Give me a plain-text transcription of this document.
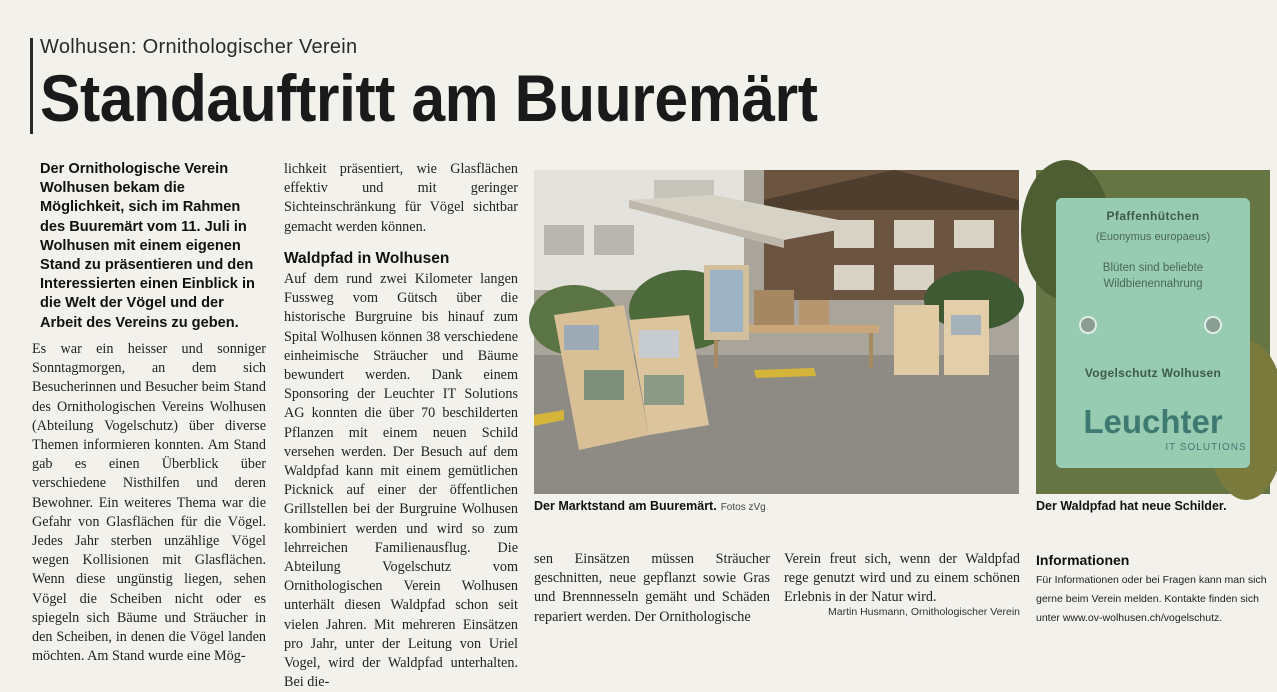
Wolhusen: Ornithologischer Verein
Standauftritt am Buuremärt
Der Ornithologische Verein Wolhusen bekam die Möglichkeit, sich im Rahmen des Buuremärt vom 11. Juli in Wolhusen mit einem eigenen Stand zu präsentieren und den Interessierten einen Einblick in die Welt der Vögel und der Arbeit des Vereins zu geben.
Es war ein heisser und sonniger Sonntagmorgen, an dem sich Besucherinnen und Besucher beim Stand des Ornithologischen Vereins Wolhusen (Abteilung Vogelschutz) über diverse Themen informieren konnten. Am Stand gab es einen Überblick über verschiedene Nisthilfen und deren Bewohner. Ein weiteres Thema war die Gefahr von Glasflächen für die Vögel. Jedes Jahr sterben unzählige Vögel wegen Kollisionen mit Glasflächen. Wenn diese ungünstig liegen, sehen Vögel die Scheiben nicht oder es spiegeln sich Bäume und Sträucher in den Scheiben, in denen die Vögel landen möchten. Am Stand wurde eine Mög-
lichkeit präsentiert, wie Glasflächen effektiv und mit geringer Sichteinschränkung für Vögel sichtbar gemacht werden können.
Waldpfad in Wolhusen
Auf dem rund zwei Kilometer langen Fussweg vom Gütsch über die historische Burgruine bis hinauf zum Spital Wolhusen können 38 verschiedene einheimische Sträucher und Bäume bewundert werden. Dank einem Sponsoring der Leuchter IT Solutions AG konnten die über 70 beschilderten Pflanzen mit einem neuen Schild versehen werden. Der Besuch auf dem Waldpfad kann mit einem gemütlichen Picknick auf einer der öffentlichen Grillstellen bei der Burgruine Wolhusen kombiniert werden und wird so zum lehrreichen Familienausflug. Die Abteilung Vogelschutz vom Ornithologischen Verein Wolhusen unterhält diesen Waldpfad schon seit vielen Jahren. Mit mehreren Einsätzen pro Jahr, unter der Leitung von Uriel Vogel, wird der Waldpfad unterhalten. Bei die-
sen Einsätzen müssen Sträucher geschnitten, neue gepflanzt sowie Gras und Brennnesseln gemäht und Schäden repariert werden. Der Ornithologische
Verein freut sich, wenn der Waldpfad rege genutzt wird und zu einem schönen Erlebnis in der Natur wird.
Martin Husmann, Ornithologischer Verein
Pfaffenhütchen
(Euonymus europaeus)
Blüten sind beliebte
Wildbienennahrung
Vogelschutz Wolhusen
Leuchter
IT SOLUTIONS
Der Marktstand am Buuremärt. Fotos zVg	Der Waldpfad hat neue Schilder.
Informationen
Für Informationen oder bei Fragen kann man sich gerne beim Verein melden. Kontakte finden sich unter www.ov-wolhusen.ch/vogelschutz.
